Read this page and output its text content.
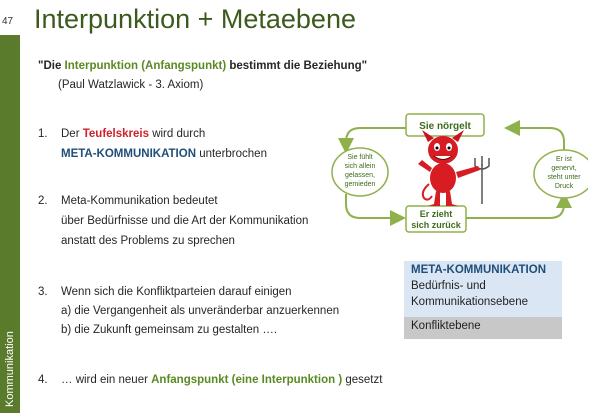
Kommunikation
47 Interpunktion + Metaebene
"Die Interpunktion (Anfangspunkt) bestimmt die Beziehung"
(Paul Watzlawick - 3. Axiom)
1. Der Teufelskreis wird durch
META-KOMMUNIKATION unterbrochen
2. Meta-Kommunikation bedeutet
über Bedürfnisse und die Art der Kommunikation
anstatt des Problems zu sprechen
3. Wenn sich die Konfliktparteien darauf einigen
a) die Vergangenheit als unveränderbar anzuerkennen
b) die Zukunft gemeinsam zu gestalten ….
4. … wird ein neuer Anfangspunkt (eine Interpunktion ) gesetzt
Sie nörgelt
Er ist
genervt,
steht unter
Druck
Er zieht
sich zurück
Sie fühlt
sich allein
gelassen,
gemieden
META-KOMMUNIKATION
Bedürfnis- und
Kommunikationsebene
Konfliktebene
